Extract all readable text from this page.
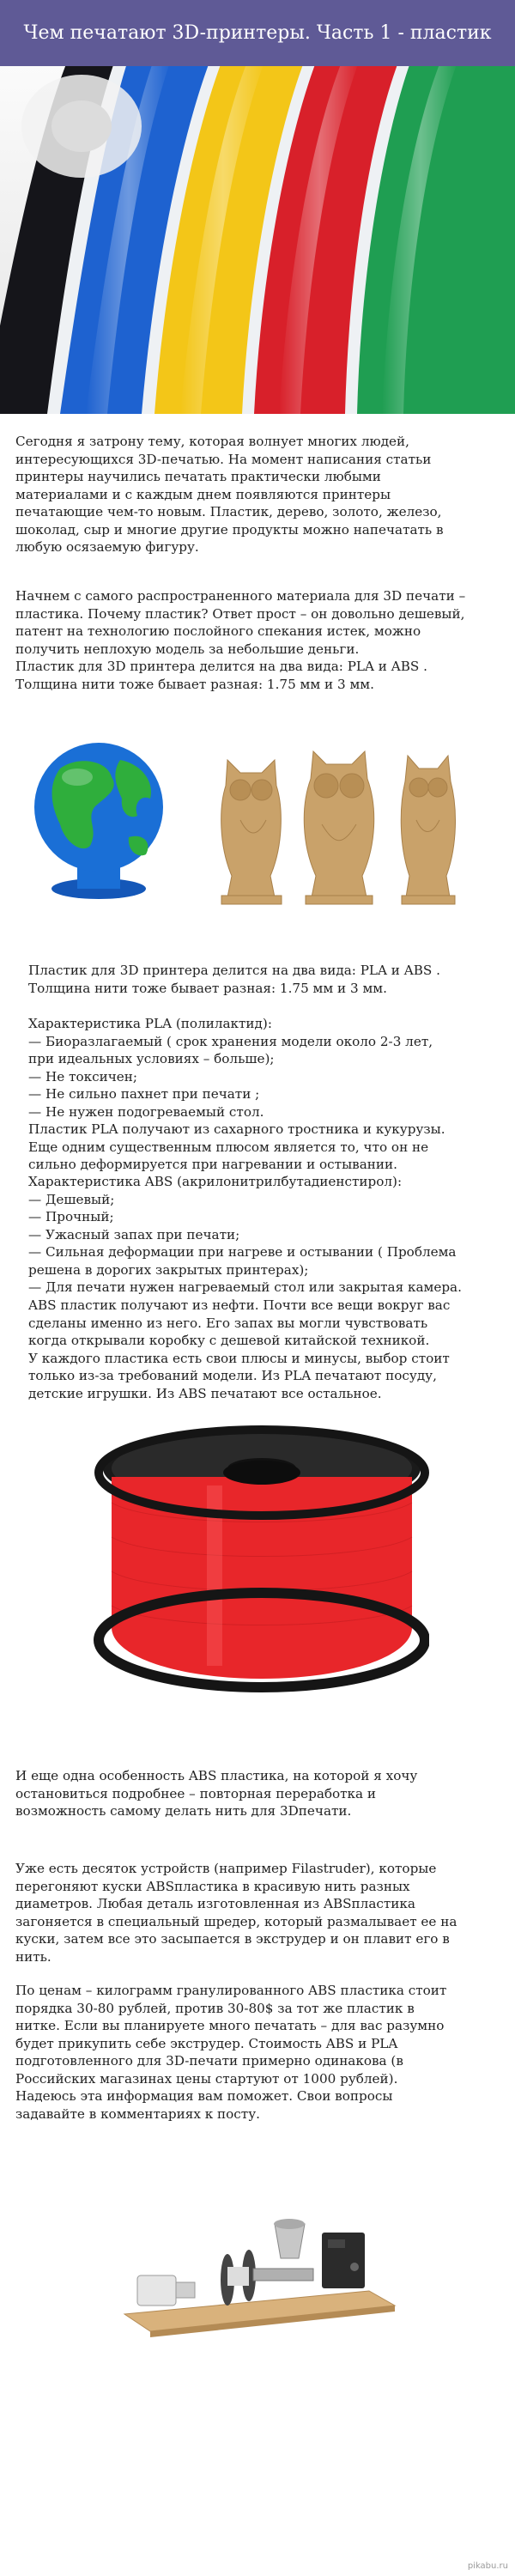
Чем печатают 3D-принтеры. Часть 1 - пластик

Сегодня я затрону тему, которая волнует многих людей,
интересующихся 3D-печатью. На момент написания статьи
принтеры научились печатать практически любыми
материалами и с каждым днем появляются принтеры
печатающие чем-то новым. Пластик, дерево, золото, железо,
шоколад, сыр и многие другие продукты можно напечатать в
любую осязаемую фигуру.

Начнем с самого распространенного материала для 3D печати –
пластика. Почему пластик? Ответ прост – он довольно дешевый,
патент на технологию послойного спекания истек, можно
получить неплохую модель за небольшие деньги.
Пластик для 3D принтера делится на два вида: PLA и ABS .
Толщина нити тоже бывает разная: 1.75 мм и 3 мм.

Пластик для 3D принтера делится на два вида: PLA и ABS .
Толщина нити тоже бывает разная: 1.75 мм и 3 мм.

Характеристика PLA (полилактид):
— Биоразлагаемый ( срок хранения модели около 2-3 лет,
при идеальных условиях – больше);
— Не токсичен;
— Не сильно пахнет при печати ;
— Не нужен подогреваемый стол.
Пластик PLA получают из сахарного тростника и кукурузы.
Еще одним существенным плюсом является то, что он не
сильно деформируется при нагревании и остывании.

Характеристика ABS (акрилонитрилбутадиенстирол):
— Дешевый;
— Прочный;
— Ужасный запах при печати;
— Сильная деформации при нагреве и остывании ( Проблема
решена в дорогих закрытых принтерах);
— Для печати нужен нагреваемый стол или закрытая камера.

ABS пластик получают из нефти. Почти все вещи вокруг вас
сделаны именно из него. Его запах вы могли чувствовать
когда открывали коробку с дешевой китайской техникой.
У каждого пластика есть свои плюсы и минусы, выбор стоит
только из-за требований модели. Из PLA печатают посуду,
детские игрушки. Из ABS печатают все остальное.

И еще одна особенность ABS пластика, на которой я хочу
остановиться подробнее – повторная переработка и
возможность самому делать нить для 3Dпечати.

Уже есть десяток устройств (например Filastruder), которые
перегоняют куски ABSпластика в красивую нить разных
диаметров. Любая деталь изготовленная из ABSпластика
загоняется в специальный шредер, который размалывает ее на
куски, затем все это засыпается в экструдер и он плавит его в
нить.

По ценам – килограмм гранулированного ABS пластика стоит
порядка 30-80 рублей, против 30-80$ за тот же пластик в
нитке. Если вы планируете много печатать – для вас разумно
будет прикупить себе экструдер. Стоимость ABS и PLA
подготовленного для 3D-печати примерно одинакова (в
Российских магазинах цены стартуют от 1000 рублей).
Надеюсь эта информация вам поможет. Свои вопросы
задавайте в комментариях к посту.

pikabu.ru
